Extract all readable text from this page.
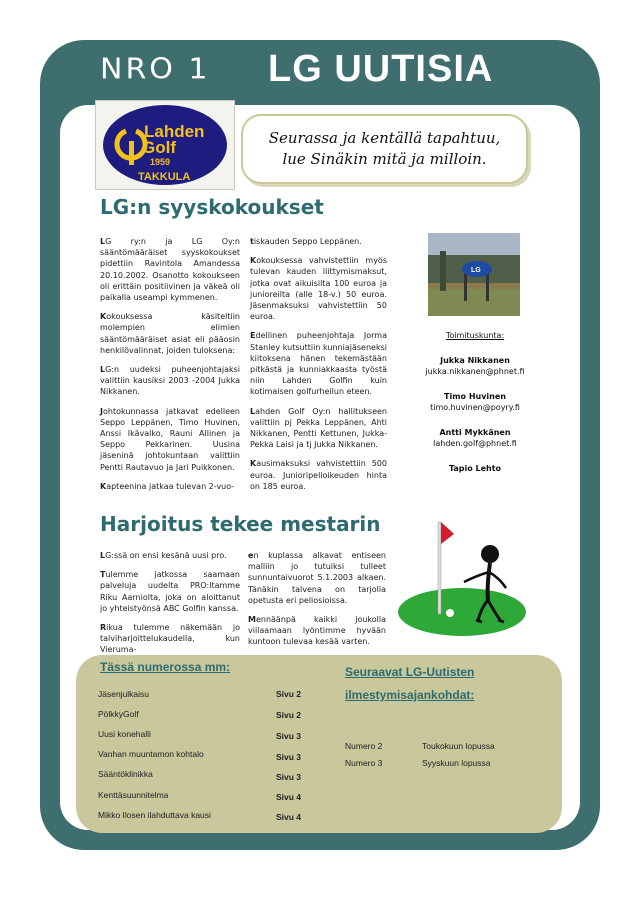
NRO 1 LG UUTISIA
Lahden
Golf
1959
TAKKULA
Seurassa ja kentällä tapahtuu,
lue Sinäkin mitä ja milloin.
LG:n syyskokoukset

LG ry:n ja LG Oy:n sääntömääräiset syyskokoukset pidettiin Ravintola Amandessa 20.10.2002. Osanotto kokoukseen oli erittäin positiivinen ja väkeä oli paikalla useampi kymmenen.

Kokouksessa käsiteltiin molempien elimien sääntömääräiset asiat eli pääosin henkilövalinnat, joiden tuloksena:

LG:n uudeksi puheenjohtajaksi valittiin kausiksi 2003 -2004 Jukka Nikkanen.

Johtokunnassa jatkavat edelleen Seppo Leppänen, Timo Huvinen, Anssi Ikävalko, Rauni Allinen ja Seppo Pekkarinen. Uusina jäseninä johtokuntaan valittiin Pentti Rautavuo ja Jari Puikkonen.

Kapteenina jatkaa tulevan 2-vuo-

tiskauden Seppo Leppänen.

Kokouksessa vahvistettiin myös tulevan kauden liittymismaksut, jotka ovat aikuisilta 100 euroa ja junioreilta (alle 18-v.) 50 euroa. Jäsenmaksuksi vahvistettiin 50 euroa.

Edellinen puheenjohtaja Jorma Stanley kutsuttiin kunniajäseneksi kiitoksena hänen tekemästään pitkästä ja kunniakkaasta työstä niin Lahden Golfin kuin kotimaisen golfurheilun eteen.

Lahden Golf Oy:n hallitukseen valittiin pj Pekka Leppänen, Ahti Nikkanen, Pentti Kettunen, Jukka-Pekka Laisi ja tj Jukka Nikkanen.

Kausimaksuksi vahvistettiin 500 euroa. Junioripelioikeuden hinta on 185 euroa.

LG
Toimituskunta:
Jukka Nikkanen
jukka.nikkanen@phnet.fi
Timo Huvinen
timo.huvinen@poyry.fi
Antti Mykkänen
lahden.golf@phnet.fi
Tapio Lehto
Harjoitus tekee mestarin

LG:ssä on ensi kesänä uusi pro.

Tulemme jatkossa saamaan palveluja uudelta PRO:ltamme Riku Aarniolta, joka on aloittanut jo yhteistyönsä ABC Golfin kanssa.

Rikua tulemme näkemään jo talviharjoittelukaudella, kun Vieruma-

en kuplassa alkavat entiseen malliin jo tutuiksi tulleet sunnuntaivuorot 5.1.2003 alkaen. Tänäkin talvena on tarjolla opetusta eri peliosioissa.

Mennäänpä kaikki joukolla viilaamaan lyöntimme hyvään kuntoon tulevaa kesää varten.

Tässä numerossa mm:
Jäsenjulkaisu	Sivu 2
PölkkyGolf	Sivu 2
Uusi konehalli	Sivu 3
Vanhan muuntamon kohtalo	Sivu 3
Sääntöklinikka	Sivu 3
Kenttäsuunnitelma	Sivu 4
Mikko Ilosen ilahduttava kausi	Sivu 4
Seuraavat LG-Uutisten
ilmestymisajankohdat:
Numero 2	Toukokuun lopussa
Numero 3	Syyskuun lopussa
